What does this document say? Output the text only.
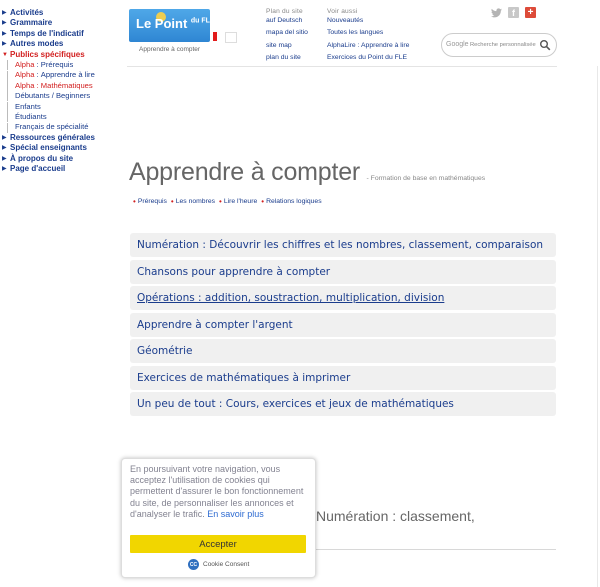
▶ Activités
▶ Grammaire
▶ Temps de l'indicatif
▶ Autres modes
▼ Publics spécifiques
Alpha : Prérequis
Alpha : Apprendre à lire
Alpha : Mathématiques
Débutants / Beginners
Enfants
Étudiants
Français de spécialité
▶ Ressources générales
▶ Spécial enseignants
▶ À propos du site
▶ Page d'accueil
Le Point $^{du FLE}$
Apprendre à compter
Plan du site
auf Deutsch
mapa del sitio
site map
plan du site
Voir aussi
Nouveautés
Toutes les langues
AlphaLire : Apprendre à lire
Exercices du Point du FLE
f	+
Google
Recherche personnalisée
Apprendre à compter - Formation de base en mathématiques
• Prérequis • Les nombres • Lire l'heure • Relations logiques
Numération : Découvrir les chiffres et les nombres, classement, comparaison
Chansons pour apprendre à compter
Opérations : addition, soustraction, multiplication, division
Apprendre à compter l'argent
Géométrie
Exercices de mathématiques à imprimer
Un peu de tout : Cours, exercices et jeux de mathématiques
Numération : classement,
En poursuivant votre navigation, vous acceptez l'utilisation de cookies qui permettent d'assurer le bon fonctionnement du site, de personnaliser les annonces et d'analyser le trafic. En savoir plus
Accepter
CC Cookie Consent
